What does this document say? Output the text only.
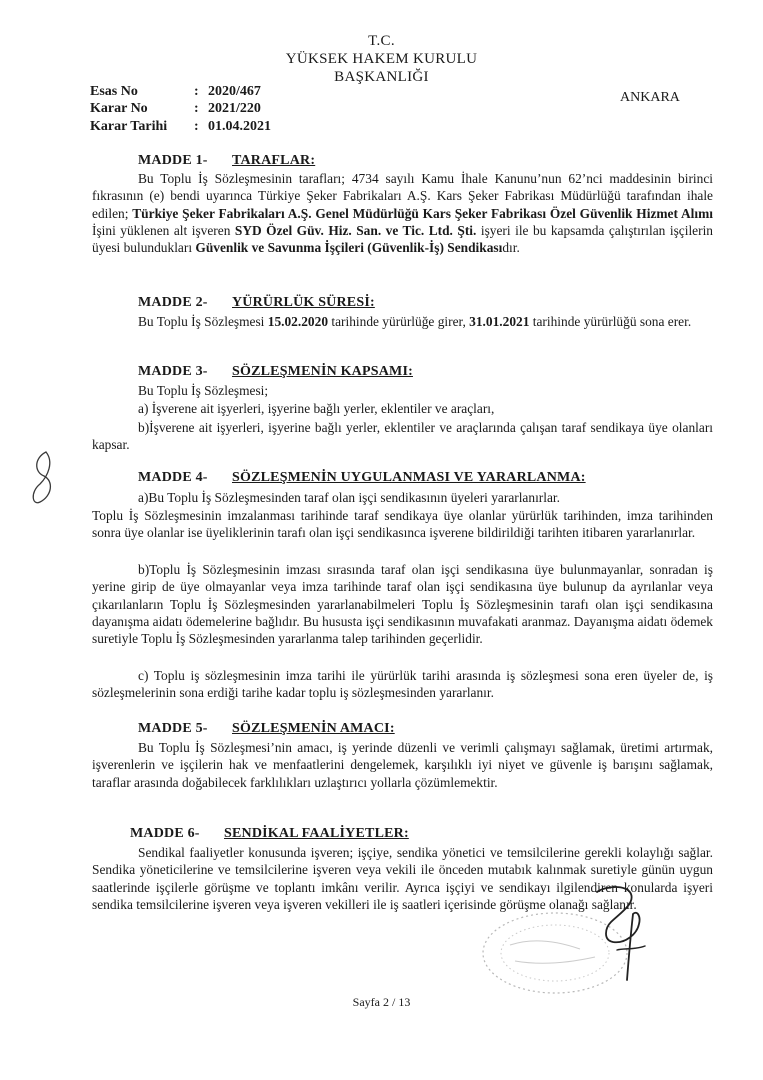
T.C.
YÜKSEK HAKEM KURULU
BAŞKANLIĞI
Esas No	: 2020/467
Karar No	: 2021/220
Karar Tarihi : 01.04.2021
ANKARA
MADDE 1- TARAFLAR:
Bu Toplu İş Sözleşmesinin tarafları; 4734 sayılı Kamu İhale Kanunu’nun 62’nci maddesinin birinci fıkrasının (e) bendi uyarınca Türkiye Şeker Fabrikaları A.Ş. Kars Şeker Fabrikası Müdürlüğü tarafından ihale edilen; Türkiye Şeker Fabrikaları A.Ş. Genel Müdürlüğü Kars Şeker Fabrikası Özel Güvenlik Hizmet Alımı İşini yüklenen alt işveren SYD Özel Güv. Hiz. San. ve Tic. Ltd. Şti. işyeri ile bu kapsamda çalıştırılan işçilerin üyesi bulundukları Güvenlik ve Savunma İşçileri (Güvenlik-İş) Sendikasıdır.
MADDE 2- YÜRÜRLÜK SÜRESİ:
Bu Toplu İş Sözleşmesi 15.02.2020 tarihinde yürürlüğe girer, 31.01.2021 tarihinde yürürlüğü sona erer.
MADDE 3- SÖZLEŞMENİN KAPSAMI:
Bu Toplu İş Sözleşmesi;
a) İşverene ait işyerleri, işyerine bağlı yerler, eklentiler ve araçları,
b)İşverene ait işyerleri, işyerine bağlı yerler, eklentiler ve araçlarında çalışan taraf sendikaya üye olanları kapsar.
MADDE 4- SÖZLEŞMENİN UYGULANMASI VE YARARLANMA:
a)Bu Toplu İş Sözleşmesinden taraf olan işçi sendikasının üyeleri yararlanırlar.
Toplu İş Sözleşmesinin imzalanması tarihinde taraf sendikaya üye olanlar yürürlük tarihinden, imza tarihinden sonra üye olanlar ise üyeliklerinin tarafı olan işçi sendikasınca işverene bildirildiği tarihten itibaren yararlanırlar.
b)Toplu İş Sözleşmesinin imzası sırasında taraf olan işçi sendikasına üye bulunmayanlar, sonradan iş yerine girip de üye olmayanlar veya imza tarihinde taraf olan işçi sendikasına üye bulunup da ayrılanlar veya çıkarılanların Toplu İş Sözleşmesinden yararlanabilmeleri Toplu İş Sözleşmesinin tarafı olan işçi sendikasına dayanışma aidatı ödemelerine bağlıdır. Bu hususta işçi sendikasının muvafakati aranmaz. Dayanışma aidatı ödemek suretiyle Toplu İş Sözleşmesinden yararlanma talep tarihinden geçerlidir.
c) Toplu iş sözleşmesinin imza tarihi ile yürürlük tarihi arasında iş sözleşmesi sona eren üyeler de, iş sözleşmelerinin sona erdiği tarihe kadar toplu iş sözleşmesinden yararlanır.
MADDE 5- SÖZLEŞMENİN AMACI:
Bu Toplu İş Sözleşmesi’nin amacı, iş yerinde düzenli ve verimli çalışmayı sağlamak, üretimi artırmak, işverenlerin ve işçilerin hak ve menfaatlerini dengelemek, karşılıklı iyi niyet ve güvenle iş barışını sağlamak, taraflar arasında doğabilecek farklılıkları uzlaştırıcı yollarla çözümlemektir.
MADDE 6- SENDİKAL FAALİYETLER:
Sendikal faaliyetler konusunda işveren; işçiye, sendika yönetici ve temsilcilerine gerekli kolaylığı sağlar. Sendika yöneticilerine ve temsilcilerine işveren veya vekili ile önceden mutabık kalınmak suretiyle günün uygun saatlerinde işçilerle görüşme ve toplantı imkânı verilir. Ayrıca işçiyi ve sendikayı ilgilendiren konularda işyeri sendika temsilcilerine işveren veya işveren vekilleri ile iş saatleri içerisinde görüşme olanağı sağlanır.
Sayfa 2 / 13
